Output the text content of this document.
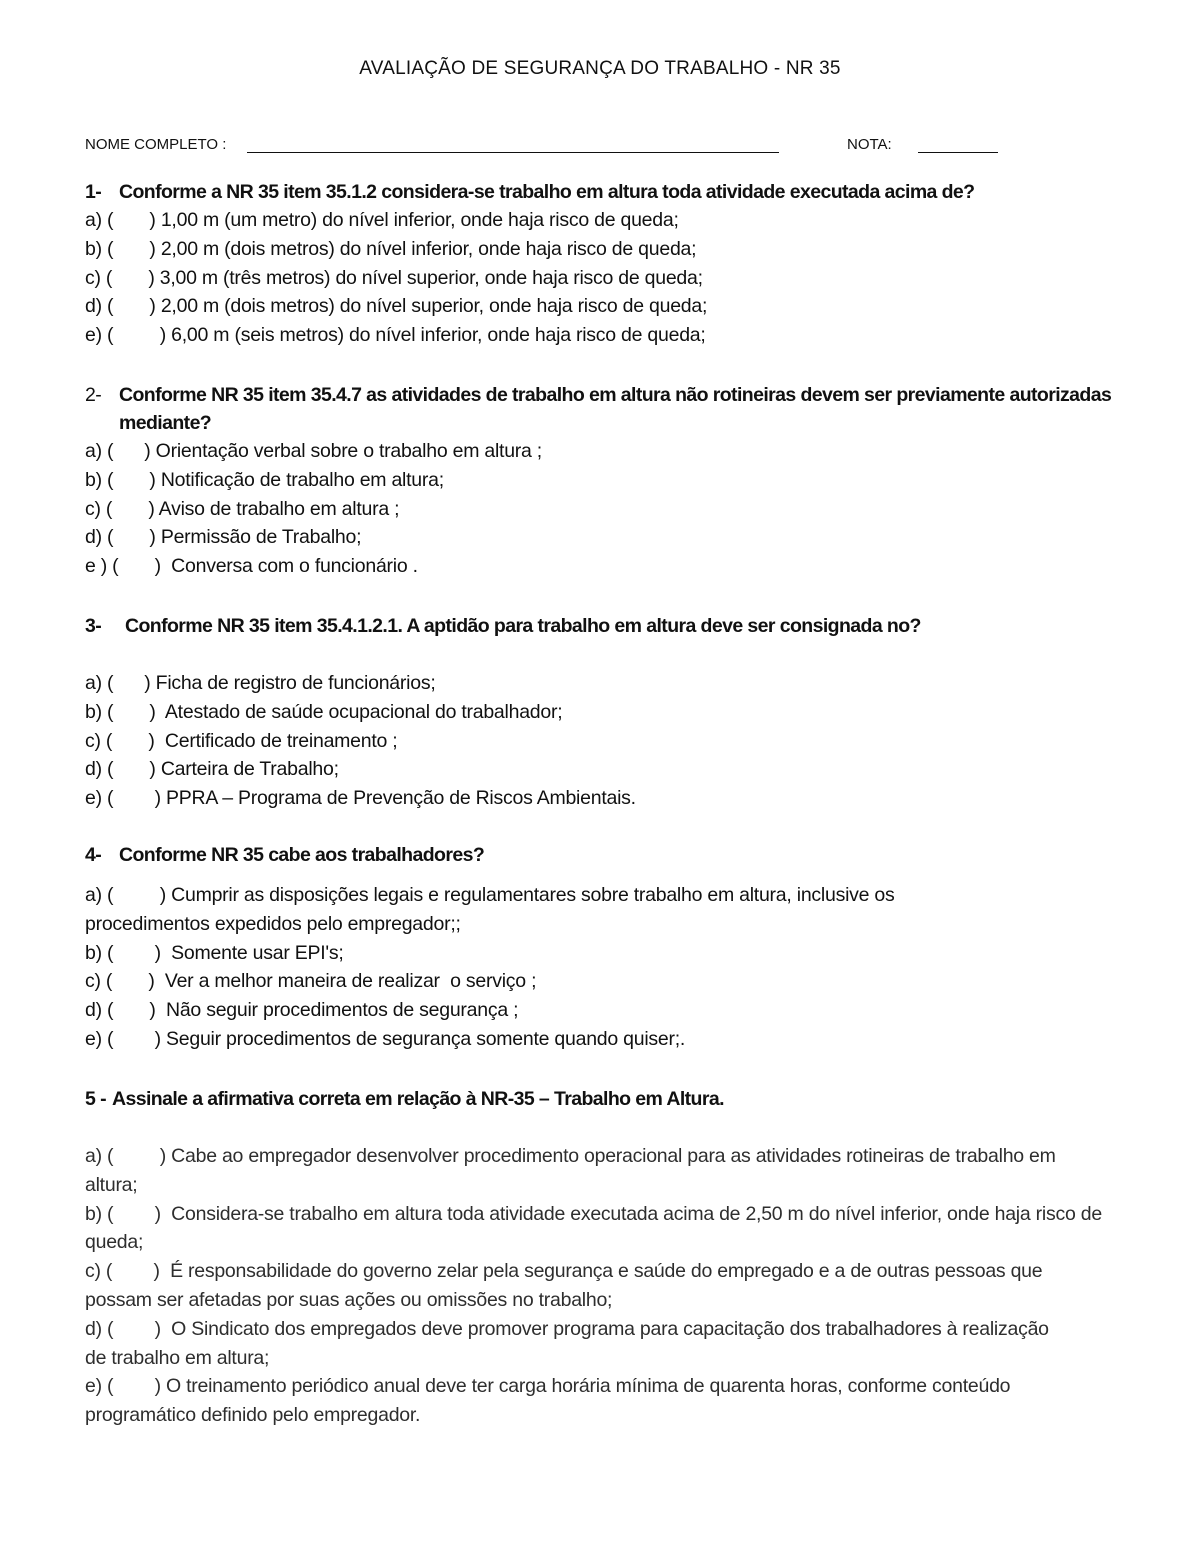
AVALIAÇÃO DE SEGURANÇA DO TRABALHO - NR 35
NOME COMPLETO :	NOTA:
1- Conforme a NR 35 item 35.1.2 considera-se trabalho em altura toda atividade executada acima de?
a) (       ) 1,00 m (um metro) do nível inferior, onde haja risco de queda;
b) (       ) 2,00 m (dois metros) do nível inferior, onde haja risco de queda;
c) (       ) 3,00 m (três metros) do nível superior, onde haja risco de queda;
d) (       ) 2,00 m (dois metros) do nível superior, onde haja risco de queda;
e) (         ) 6,00 m (seis metros) do nível inferior, onde haja risco de queda;
2- Conforme NR 35 item 35.4.7 as atividades de trabalho em altura não rotineiras devem ser previamente autorizadas mediante?
a) (      ) Orientação verbal sobre o trabalho em altura ;
b) (       ) Notificação de trabalho em altura;
c) (       ) Aviso de trabalho em altura ;
d) (       ) Permissão de Trabalho;
e ) (       )  Conversa com o funcionário .
3-	Conforme NR 35 item 35.4.1.2.1. A aptidão para trabalho em altura deve ser consignada no?
a) (      ) Ficha de registro de funcionários;
b) (       )  Atestado de saúde ocupacional do trabalhador;
c) (       )  Certificado de treinamento ;
d) (       ) Carteira de Trabalho;
e) (        ) PPRA – Programa de Prevenção de Riscos Ambientais.
4- Conforme NR 35 cabe aos trabalhadores?
a) (         ) Cumprir as disposições legais e regulamentares sobre trabalho em altura, inclusive os procedimentos expedidos pelo empregador;;
b) (        )  Somente usar EPI's;
c) (       )  Ver a melhor maneira de realizar  o serviço ;
d) (       )  Não seguir procedimentos de segurança ;
e) (        ) Seguir procedimentos de segurança somente quando quiser;.
5 - Assinale a afirmativa correta em relação à NR-35 – Trabalho em Altura.
a) (         ) Cabe ao empregador desenvolver procedimento operacional para as atividades rotineiras de trabalho em altura;
b) (        )  Considera-se trabalho em altura toda atividade executada acima de 2,50 m do nível inferior, onde haja risco de queda;
c) (        )  É responsabilidade do governo zelar pela segurança e saúde do empregado e a de outras pessoas que possam ser afetadas por suas ações ou omissões no trabalho;
d) (        )  O Sindicato dos empregados deve promover programa para capacitação dos trabalhadores à realização de trabalho em altura;
e) (        ) O treinamento periódico anual deve ter carga horária mínima de quarenta horas, conforme conteúdo programático definido pelo empregador.
